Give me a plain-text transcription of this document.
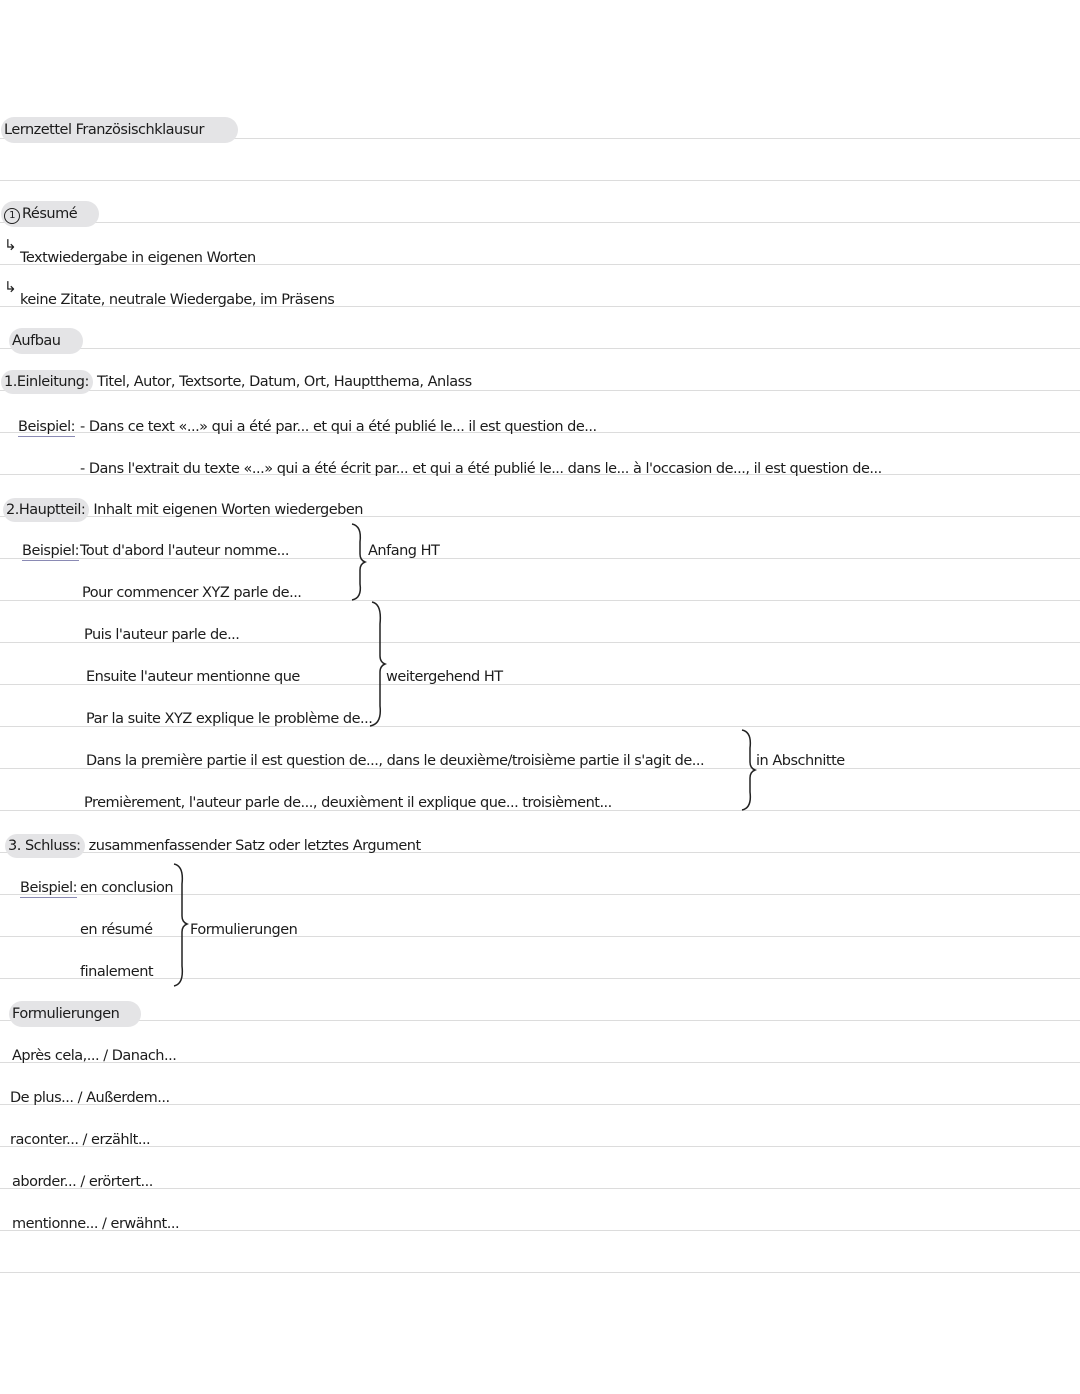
Lernzettel Französischklausur
1 Résumé
↳
Textwiedergabe in eigenen Worten
↳
keine Zitate, neutrale Wiedergabe, im Präsens
Aufbau
1.Einleitung: Titel, Autor, Textsorte, Datum, Ort, Hauptthema, Anlass
Beispiel: - Dans ce text «...» qui a été par... et qui a été publié le... il est question de...
- Dans l'extrait du texte «...» qui a été écrit par... et qui a été publié le... dans le... à l'occasion de..., il est question de...
2.Hauptteil: Inhalt mit eigenen Worten wiedergeben
Beispiel: Tout d'abord l'auteur nomme...
Pour commencer XYZ parle de...
Anfang HT
Puis l'auteur parle de...
Ensuite l'auteur mentionne que
Par la suite XYZ explique le problème de...
weitergehend HT
Dans la première partie il est question de..., dans le deuxième/troisième partie il s'agit de...
Premièrement, l'auteur parle de..., deuxièment il explique que... troisièment...
in Abschnitte
3. Schluss: zusammenfassender Satz oder letztes Argument
Beispiel: en conclusion
en résumé
finalement
Formulierungen
Formulierungen
Après cela,... / Danach...
De plus... / Außerdem...
raconter... / erzählt...
aborder... / erörtert...
mentionne... / erwähnt...
